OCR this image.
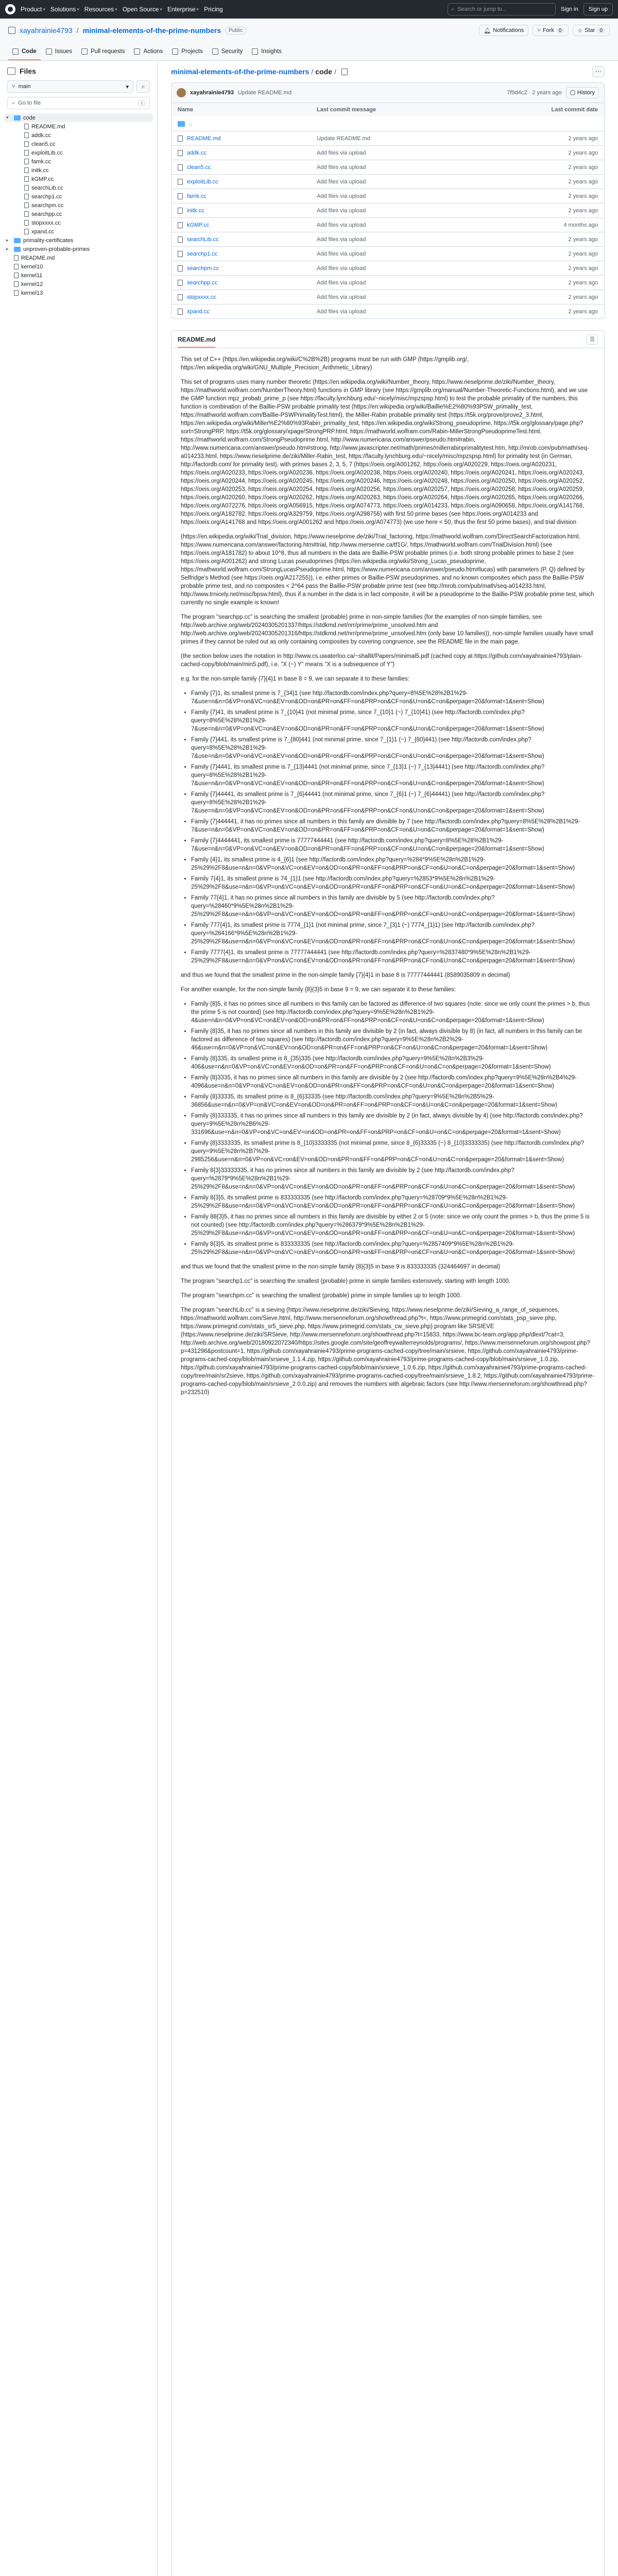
Product ▾ Solutions ▾ Resources ▾ Open Source ▾ Enterprise ▾ Pricing	⌕ Search or jump to...	Sign in	Sign up
xayahrainie4793 / minimal-elements-of-the-prime-numbers	Public	🔔︎ Notifications ⑂ Fork 0	☆ Star 0
Code	Issues	Pull requests	Actions	Projects	Security	Insights
Files
⑂ main	▾ ⌕
⌕ Go to file	t
▾	code
README.md
addk.cc
clean5.cc
exploitLib.cc
famk.cc
initk.cc
kGMP.cc
searchLib.cc
searchp1.cc
searchpm.cc
searchpp.cc
stopxxxx.cc
xpand.cc
▸	primality-certificates
▸	unproven-probable-primes
README.md
kernel10
kernel11
kernel12
kernel13
minimal-elements-of-the-prime-numbers / code /	⋯
xayahrainie4793 Update README.md	7f9d4c2 · 2 years ago	History
Name	Last commit message	Last commit date
..
README.md	Update README.md	2 years ago
addk.cc	Add files via upload	2 years ago
clean5.cc	Add files via upload	2 years ago
exploitLib.cc	Add files via upload	2 years ago
famk.cc	Add files via upload	2 years ago
initk.cc	Add files via upload	2 years ago
kGMP.cc	Add files via upload	4 months ago
searchLib.cc	Add files via upload	2 years ago
searchp1.cc	Add files via upload	2 years ago
searchpm.cc	Add files via upload	2 years ago
searchpp.cc	Add files via upload	2 years ago
stopxxxx.cc	Add files via upload	2 years ago
xpand.cc	Add files via upload	2 years ago
README.md	☰

This set of C++ (https://en.wikipedia.org/wiki/C%2B%2B) programs must be run with GMP (https://gmplib.org/, https://en.wikipedia.org/wiki/GNU_Multiple_Precision_Arithmetic_Library)

This set of programs uses many number theoretic (https://en.wikipedia.org/wiki/Number_theory, https://www.rieselprime.de/ziki/Number_theory, https://mathworld.wolfram.com/NumberTheory.html) functions in GMP library (see https://gmplib.org/manual/Number-Theoretic-Functions.html), and we use the GMP function mpz_probab_prime_p (see https://faculty.lynchburg.edu/~nicely/misc/mpzspsp.html) to test the probable primality of the numbers, this function is combination of the Baillie-PSW probable primality test (https://en.wikipedia.org/wiki/Baillie%E2%80%93PSW_primality_test, https://mathworld.wolfram.com/Baillie-PSWPrimalityTest.html), the Miller-Rabin probable primality test (https://t5k.org/prove/prove2_3.html, https://en.wikipedia.org/wiki/Miller%E2%80%93Rabin_primality_test, https://en.wikipedia.org/wiki/Strong_pseudoprime, https://t5k.org/glossary/page.php?sort=StrongPRP, https://t5k.org/glossary/xpage/StrongPRP.html, https://mathworld.wolfram.com/Rabin-MillerStrongPseudoprimeTest.html, https://mathworld.wolfram.com/StrongPseudoprime.html, http://www.numericana.com/answer/pseudo.htm#rabin, http://www.numericana.com/answer/pseudo.htm#strong, http://www.javascripter.net/math/primes/millerrabinprimalitytest.htm, http://mrob.com/pub/math/seq-a014233.html, https://www.rieselprime.de/ziki/Miller-Rabin_test, https://faculty.lynchburg.edu/~nicely/misc/mpzspsp.html) for primality test (in German, http://factordb.com/ for primality test), with primes bases 2, 3, 5, 7 (https://oeis.org/A001262, https://oeis.org/A020229, https://oeis.org/A020231, https://oeis.org/A020233, https://oeis.org/A020236, https://oeis.org/A020238, https://oeis.org/A020240, https://oeis.org/A020241, https://oeis.org/A020243, https://oeis.org/A020244, https://oeis.org/A020245, https://oeis.org/A020246, https://oeis.org/A020248, https://oeis.org/A020250, https://oeis.org/A020252, https://oeis.org/A020253, https://oeis.org/A020254, https://oeis.org/A020256, https://oeis.org/A020257, https://oeis.org/A020258, https://oeis.org/A020259, https://oeis.org/A020260, https://oeis.org/A020262, https://oeis.org/A020263, https://oeis.org/A020264, https://oeis.org/A020265, https://oeis.org/A020266, https://oeis.org/A072276, https://oeis.org/A056915, https://oeis.org/A074773, https://oeis.org/A014233, https://oeis.org/A090658, https://oeis.org/A141768, https://oeis.org/A182782, https://oeis.org/A329759, https://oeis.org/A298756) with first 50 prime bases (see https://oeis.org/A014233 and https://oeis.org/A141768 and https://oeis.org/A001262 and https://oeis.org/A074773) (we use here < 50, thus the first 50 prime bases), and trial division

(https://en.wikipedia.org/wiki/Trial_division, https://www.rieselprime.de/ziki/Trial_factoring, https://mathworld.wolfram.com/DirectSearchFactorization.html, https://www.numericana.com/answer/factoring.htm#trial, http://www.mersenne.ca/tf1G/, https://mathworld.wolfram.com/TrialDivision.html) (see https://oeis.org/A181782) to about 10^8, thus all numbers in the data are Baillie-PSW probable primes (i.e. both strong probable primes to base 2 (see https://oeis.org/A001262) and strong Lucas pseudoprimes (https://en.wikipedia.org/wiki/Strong_Lucas_pseudoprime, https://mathworld.wolfram.com/StrongLucasPseudoprime.html, https://www.numericana.com/answer/pseudo.htm#lucas) with parameters (P, Q) defined by Selfridge's Method (see https://oeis.org/A217255)), i.e. either primes or Baillie-PSW pseudoprimes, and no known composites which pass the Baillie-PSW probable prime test, and no composites < 2^64 pass the Baillie-PSW probable prime test (see http://mrob.com/pub/math/seq-a014233.html, http://www.trnicely.net/misc/bpsw.html), thus if a number in the data is in fact composite, it will be a pseudoprime to the Baillie-PSW probable prime test, which currently no single example is known!

The program "searchpp.cc" is searching the smallest (probable) prime in non-simple families (for the examples of non-simple families, see http://web.archive.org/web/20240305201337/https://stdkmd.net/nrr/prime/prime_unsolved.htm and http://web.archive.org/web/20240305201316/https://stdkmd.net/nrr/prime/prime_unsolved.htm (only base 10 families)), non-simple families usually have small primes if they cannot be ruled out as only containing composites by covering congruence, see the README file in the main page.

(the section below uses the notation in http://www.cs.uwaterloo.ca/~shallit/Papers/minimal5.pdf (cached copy at https://github.com/xayahrainie4793/plain-cached-copy/blob/main/min5.pdf), i.e. "X (~) Y" means "X is a subsequence of Y")

e.g. for the non-simple family {7}{4}1 in base 8 = 9, we can separate it to these families:

• Family {7}1, its smallest prime is 7_{34}1 (see http://factordb.com/index.php?query=8%5E%28%2B1%29-7&use=n&n=0&VP=on&VC=on&EV=on&OD=on&PR=on&FF=on&PRP=on&CF=on&U=on&C=on&perpage=20&format=1&sent=Show)
• Family {7}41, its smallest prime is 7_{10}41 (not minimal prime, since 7_{10}1 (~) 7_{10}41) (see http://factordb.com/index.php?query=8%5E%28%2B1%29-7&use=n&n=0&VP=on&VC=on&EV=on&OD=on&PR=on&FF=on&PRP=on&CF=on&U=on&C=on&perpage=20&format=1&sent=Show)
• Family {7}441, its smallest prime is 7_{80}441 (not minimal prime, since 7_{1}1 (~) 7_{80}441) (see http://factordb.com/index.php?query=8%5E%28%2B1%29-7&use=n&n=0&VP=on&VC=on&EV=on&OD=on&PR=on&FF=on&PRP=on&CF=on&U=on&C=on&perpage=20&format=1&sent=Show)
• Family {7}4441, its smallest prime is 7_{13}4441 (not minimal prime, since 7_{13}1 (~) 7_{13}4441) (see http://factordb.com/index.php?query=8%5E%28%2B1%29-7&use=n&n=0&VP=on&VC=on&EV=on&OD=on&PR=on&FF=on&PRP=on&CF=on&U=on&C=on&perpage=20&format=1&sent=Show)
• Family {7}44441, its smallest prime is 7_{6}44441 (not minimal prime, since 7_{6}1 (~) 7_{6}44441) (see http://factordb.com/index.php?query=8%5E%28%2B1%29-7&use=n&n=0&VP=on&VC=on&EV=on&OD=on&PR=on&FF=on&PRP=on&CF=on&U=on&C=on&perpage=20&format=1&sent=Show)
• Family {7}444441, it has no primes since all numbers in this family are divisible by 7 (see http://factordb.com/index.php?query=8%5E%28%2B1%29-7&use=n&n=0&VP=on&VC=on&EV=on&OD=on&PR=on&FF=on&PRP=on&CF=on&U=on&C=on&perpage=20&format=1&sent=Show)
• Family {7}4444441, its smallest prime is 77777444441 (see http://factordb.com/index.php?query=8%5E%28%2B1%29-7&use=n&n=0&VP=on&VC=on&EV=on&OD=on&PR=on&FF=on&PRP=on&CF=on&U=on&C=on&perpage=20&format=1&sent=Show)
• Family {4}1, its smallest prime is 4_{6}1 (see http://factordb.com/index.php?query=%284*9%5E%28n%2B1%29-25%29%2F8&use=n&n=0&VP=on&VC=on&EV=on&OD=on&PR=on&FF=on&PRP=on&CF=on&U=on&C=on&perpage=20&format=1&sent=Show)
• Family 7{4}1, its smallest prime is 74_{1}1 (see http://factordb.com/index.php?query=%2853*9%5E%28n%2B1%29-25%29%2F8&use=n&n=0&VP=on&VC=on&EV=on&OD=on&PR=on&FF=on&PRP=on&CF=on&U=on&C=on&perpage=20&format=1&sent=Show)
• Family 77{4}1, it has no primes since all numbers in this family are divisible by 5 (see http://factordb.com/index.php?query=%28460*9%5E%28n%2B1%29-25%29%2F8&use=n&n=0&VP=on&VC=on&EV=on&OD=on&PR=on&FF=on&PRP=on&CF=on&U=on&C=on&perpage=20&format=1&sent=Show)
• Family 777{4}1, its smallest prime is 7774_{1}1 (not minimal prime, since 7_{3}1 (~) 7774_{1}1) (see http://factordb.com/index.php?query=%284166*9%5E%28n%2B1%29-25%29%2F8&use=n&n=0&VP=on&VC=on&EV=on&OD=on&PR=on&FF=on&PRP=on&CF=on&U=on&C=on&perpage=20&format=1&sent=Show)
• Family 7777{4}1, its smallest prime is 77777444441 (see http://factordb.com/index.php?query=%2837480*9%5E%28n%2B1%29-25%29%2F8&use=n&n=0&VP=on&VC=on&EV=on&OD=on&PR=on&FF=on&PRP=on&CF=on&U=on&C=on&perpage=20&format=1&sent=Show)

and thus we found that the smallest prime in the non-simple family {7}{4}1 in base 8 is 77777444441 (8589035809 in decimal)

For another example, for the non-simple family {8}{3}5 in base 9 = 9, we can separate it to these families:

• Family {8}5, it has no primes since all numbers in this family can be factored as difference of two squares (note: since we only count the primes > b, thus the prime 5 is not counted) (see http://factordb.com/index.php?query=9%5E%28n%2B1%29-4&use=n&n=0&VP=on&VC=on&EV=on&OD=on&PR=on&FF=on&PRP=on&CF=on&U=on&C=on&perpage=20&format=1&sent=Show)
• Family {8}35, it has no primes since all numbers in this family are divisible by 2 (in fact, always divisible by 8) (in fact, all numbers in this family can be factored as difference of two squares) (see http://factordb.com/index.php?query=9%5E%28n%2B2%29-46&use=n&n=0&VP=on&VC=on&EV=on&OD=on&PR=on&FF=on&PRP=on&CF=on&U=on&C=on&perpage=20&format=1&sent=Show)
• Family {8}335, its smallest prime is 8_{35}335 (see http://factordb.com/index.php?query=9%5E%28n%2B3%29-406&use=n&n=0&VP=on&VC=on&EV=on&OD=on&PR=on&FF=on&PRP=on&CF=on&U=on&C=on&perpage=20&format=1&sent=Show)
• Family {8}3335, it has no primes since all numbers in this family are divisible by 2 (see http://factordb.com/index.php?query=9%5E%28n%2B4%29-4096&use=n&n=0&VP=on&VC=on&EV=on&OD=on&PR=on&FF=on&PRP=on&CF=on&U=on&C=on&perpage=20&format=1&sent=Show)
• Family {8}33335, its smallest prime is 8_{6}33335 (see http://factordb.com/index.php?query=9%5E%28n%2B5%29-36856&use=n&n=0&VP=on&VC=on&EV=on&OD=on&PR=on&FF=on&PRP=on&CF=on&U=on&C=on&perpage=20&format=1&sent=Show)
• Family {8}333335, it has no primes since all numbers in this family are divisible by 2 (in fact, always divisible by 4) (see http://factordb.com/index.php?query=9%5E%28n%2B6%29-331696&use=n&n=0&VP=on&VC=on&EV=on&OD=on&PR=on&FF=on&PRP=on&CF=on&U=on&C=on&perpage=20&format=1&sent=Show)
• Family {8}3333335, its smallest prime is 8_{10}3333335 (not minimal prime, since 8_{6}33335 (~) 8_{10}3333335) (see http://factordb.com/index.php?query=9%5E%28n%2B7%29-2985256&use=n&n=0&VP=on&VC=on&EV=on&OD=on&PR=on&FF=on&PRP=on&CF=on&U=on&C=on&perpage=20&format=1&sent=Show)
• Family 8{3}33333335, it has no primes since all numbers in this family are divisible by 2 (see http://factordb.com/index.php?query=%2879*9%5E%28n%2B1%29-25%29%2F8&use=n&n=0&VP=on&VC=on&EV=on&OD=on&PR=on&FF=on&PRP=on&CF=on&U=on&C=on&perpage=20&format=1&sent=Show)
• Family 8{3}5, its smallest prime is 833333335 (see http://factordb.com/index.php?query=%28709*9%5E%28n%2B1%29-25%29%2F8&use=n&n=0&VP=on&VC=on&EV=on&OD=on&PR=on&FF=on&PRP=on&CF=on&U=on&C=on&perpage=20&format=1&sent=Show)
• Family 88{3}5, it has no primes since all numbers in this family are divisible by either 2 or 5 (note: since we only count the primes > b, thus the prime 5 is not counted) (see http://factordb.com/index.php?query=%286379*9%5E%28n%2B1%29-25%29%2F8&use=n&n=0&VP=on&VC=on&EV=on&OD=on&PR=on&FF=on&PRP=on&CF=on&U=on&C=on&perpage=20&format=1&sent=Show)
• Family 8{3}5, its smallest prime is 833333335 (see http://factordb.com/index.php?query=%2857409*9%5E%28n%2B1%29-25%29%2F8&use=n&n=0&VP=on&VC=on&EV=on&OD=on&PR=on&FF=on&PRP=on&CF=on&U=on&C=on&perpage=20&format=1&sent=Show)

and thus we found that the smallest prime in the non-simple family {8}{3}5 in base 9 is 833333335 (324464697 in decimal)

The program "searchp1.cc" is searching the smallest (probable) prime in simple families extensively, starting with length 1000.

The program "searchpm.cc" is searching the smallest (probable) prime in simple families up to length 1000.

The program "searchLib.cc" is a sieving (https://www.rieselprime.de/ziki/Sieving, https://www.rieselprime.de/ziki/Sieving_a_range_of_sequences, https://mathworld.wolfram.com/Sieve.html, http://www.mersenneforum.org/showthread.php?t=, https://www.primegrid.com/stats_psp_sieve.php, https://www.primegrid.com/stats_sr5_sieve.php, https://www.primegrid.com/stats_cw_sieve.php) program like SRSIEVE (https://www.rieselprime.de/ziki/SRSieve, http://www.mersenneforum.org/showthread.php?t=15833, https://www.bc-team.org/app.php/dlext/?cat=3, http://web.archive.org/web/20180922072340/https://sites.google.com/site/geoffreywalterreynolds/programs/, https://www.mersenneforum.org/showpost.php?p=431296&postcount=1, https://github.com/xayahrainie4793/prime-programs-cached-copy/tree/main/srsieve, https://github.com/xayahrainie4793/prime-programs-cached-copy/blob/main/srsieve_1.1.4.zip, https://github.com/xayahrainie4793/prime-programs-cached-copy/blob/main/srsieve_1.0.zip, https://github.com/xayahrainie4793/prime-programs-cached-copy/blob/main/srsieve_1.0.6.zip, https://github.com/xayahrainie4793/prime-programs-cached-copy/tree/main/sr2sieve, https://github.com/xayahrainie4793/prime-programs-cached-copy/tree/main/srsieve_1.8.2, https://github.com/xayahrainie4793/prime-programs-cached-copy/blob/main/srsieve_2.0.0.zip) and removes the numbers with algebraic factors (see http://www.mersenneforum.org/showthread.php?p=232510)
